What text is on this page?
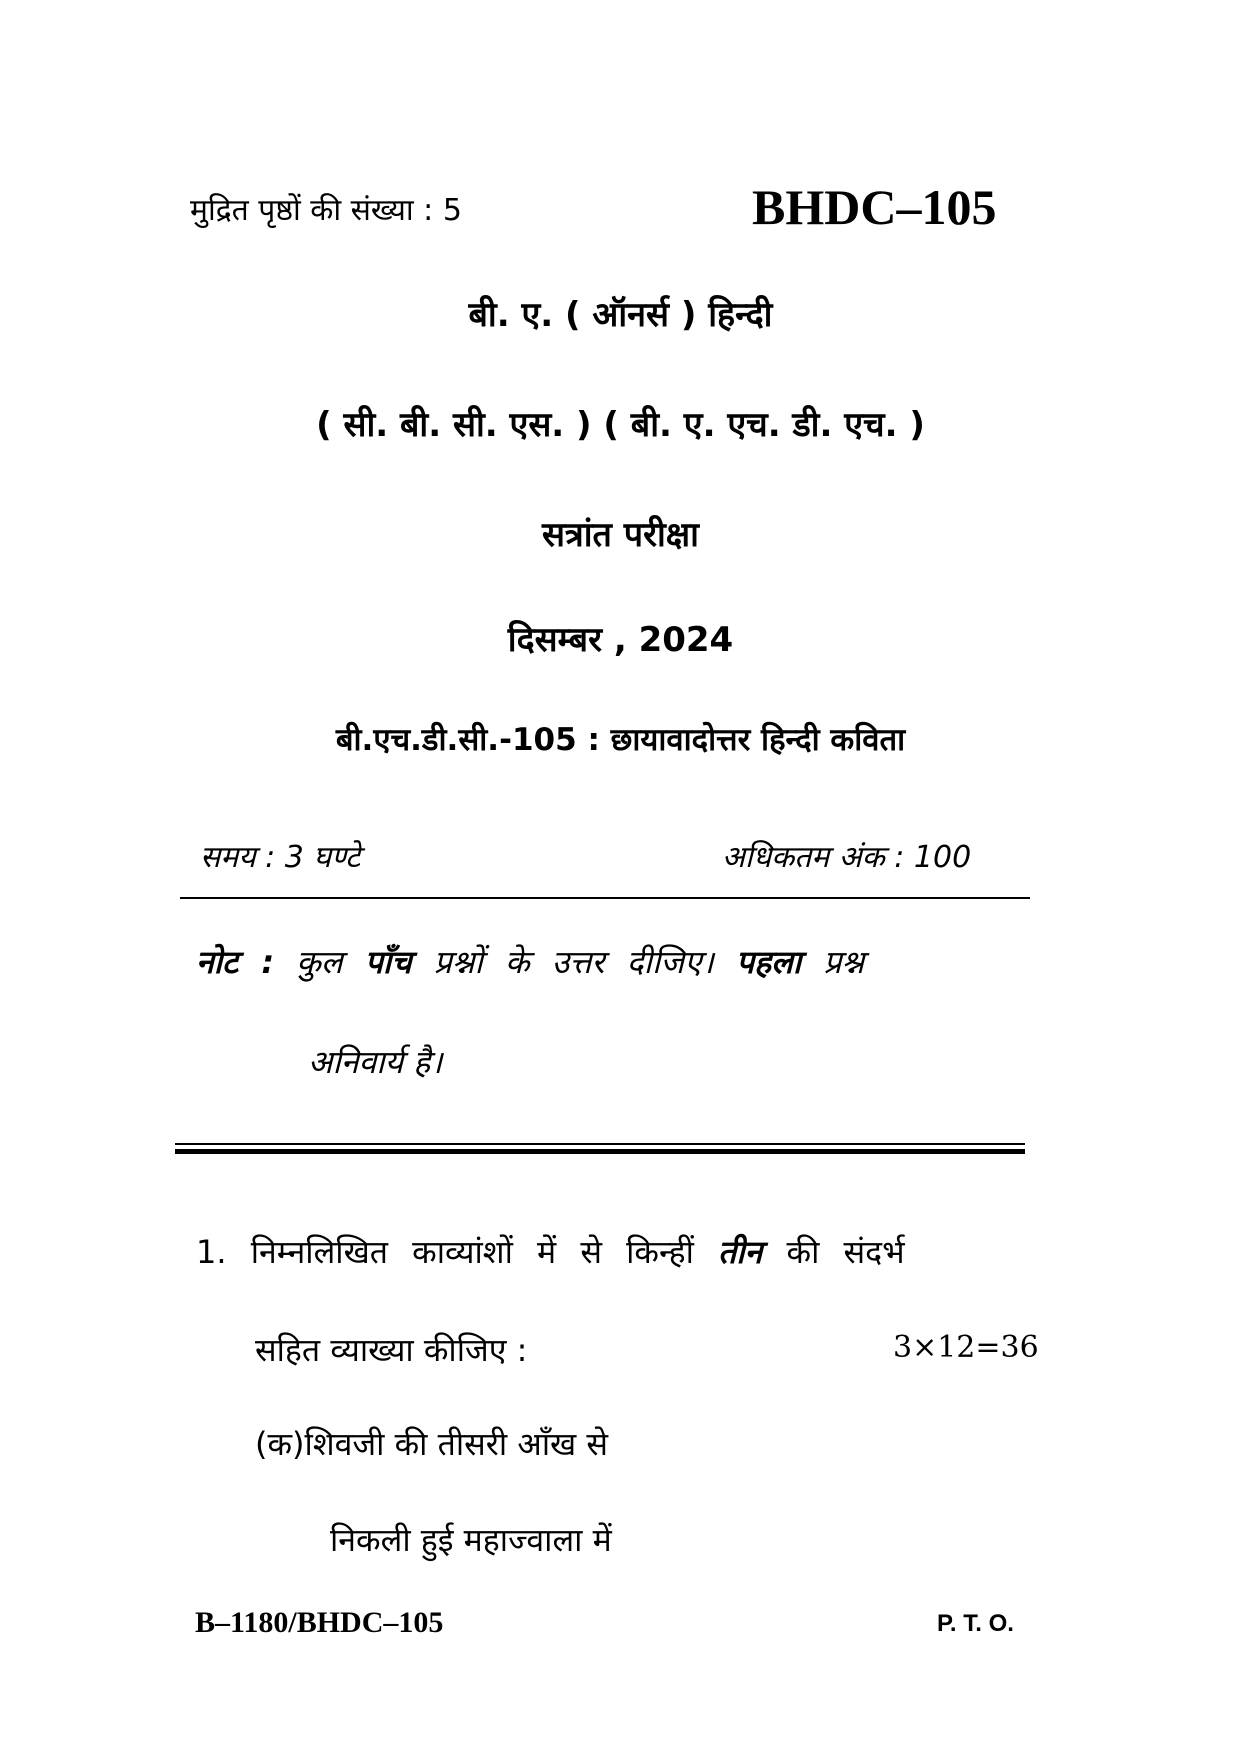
मुद्रित पृष्ठों की संख्या : 5	BHDC–105
बी. ए. ( ऑनर्स ) हिन्दी
( सी. बी. सी. एस. ) ( बी. ए. एच. डी. एच. )
सत्रांत परीक्षा
दिसम्बर , 2024
बी.एच.डी.सी.-105 : छायावादोत्तर हिन्दी कविता
समय : 3 घण्टे	अधिकतम अंक : 100
नोट : कुल पाँच प्रश्नों के उत्तर दीजिए। पहला प्रश्न
अनिवार्य है।
1. निम्नलिखित काव्यांशों में से किन्हीं तीन की संदर्भ
सहित व्याख्या कीजिए :	3×12=36
(क)शिवजी की तीसरी आँख से
निकली हुई महाज्वाला में
B–1180/BHDC–105	P. T. O.
